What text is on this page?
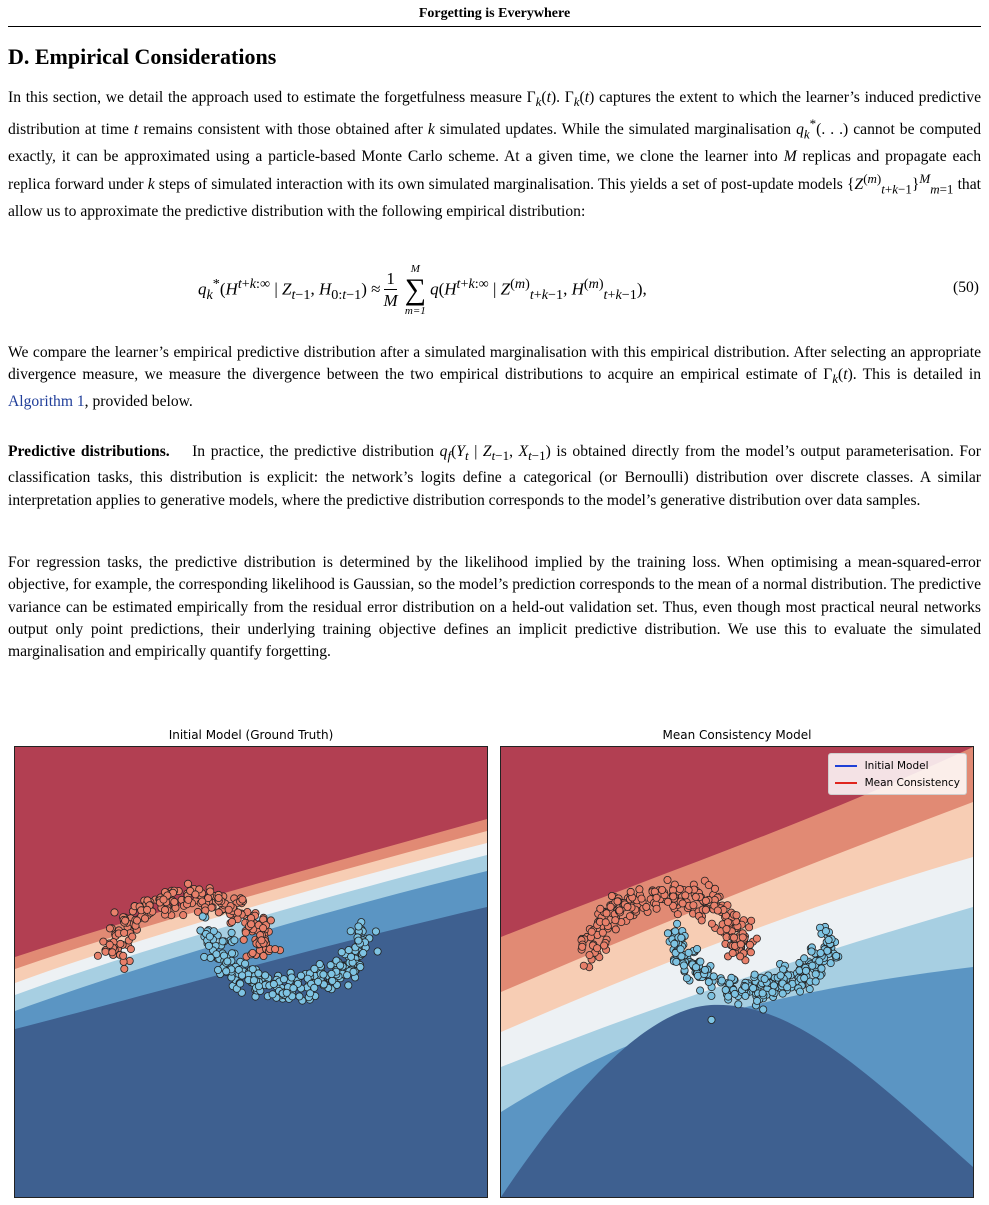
Forgetting is Everywhere
D. Empirical Considerations

In this section, we detail the approach used to estimate the forgetfulness measure $\Gamma_k(t)$. $\Gamma_k(t)$ captures the extent to which the learner’s induced predictive distribution at time t remains consistent with those obtained after k simulated updates. While the simulated marginalisation $q_k^*$(. . .) cannot be computed exactly, it can be approximated using a particle-based Monte Carlo scheme. At a given time, we clone the learner into M replicas and propagate each replica forward under k steps of simulated interaction with its own simulated marginalisation. This yields a set of post-update models $\{Z^{(m)}_{t+k-1}\}^M_{m=1}$ that allow us to approximate the predictive distribution with the following empirical distribution:

$q_k^*(H^{t+k:\infty}$ | $Z_{t-1}$, $H_{0:t-1}) \approx \frac{1}{M}$ M
∑
m=1
$q(H^{t+k:\infty}$ | $Z^{(m)}_{t+k-1}$, $H^{(m)}_{t+k-1}$),	(50)

We compare the learner’s empirical predictive distribution after a simulated marginalisation with this empirical distribution. After selecting an appropriate divergence measure, we measure the divergence between the two empirical distributions to acquire an empirical estimate of $\Gamma_k(t)$. This is detailed in Algorithm 1, provided below.

Predictive distributions.    In practice, the predictive distribution $q_f(Y_t$ | $Z_{t-1}$, $X_{t-1}$) is obtained directly from the model’s output parameterisation. For classification tasks, this distribution is explicit: the network’s logits define a categorical (or Bernoulli) distribution over discrete classes. A similar interpretation applies to generative models, where the predictive distribution corresponds to the model’s generative distribution over data samples.

For regression tasks, the predictive distribution is determined by the likelihood implied by the training loss. When optimising a mean-squared-error objective, for example, the corresponding likelihood is Gaussian, so the model’s prediction corresponds to the mean of a normal distribution. The predictive variance can be estimated empirically from the residual error distribution on a held-out validation set. Thus, even though most practical neural networks output only point predictions, their underlying training objective defines an implicit predictive distribution. We use this to evaluate the simulated marginalisation and empirically quantify forgetting.

Initial Model (Ground Truth)	Mean Consistency Model
Initial Model
Mean Consistency
